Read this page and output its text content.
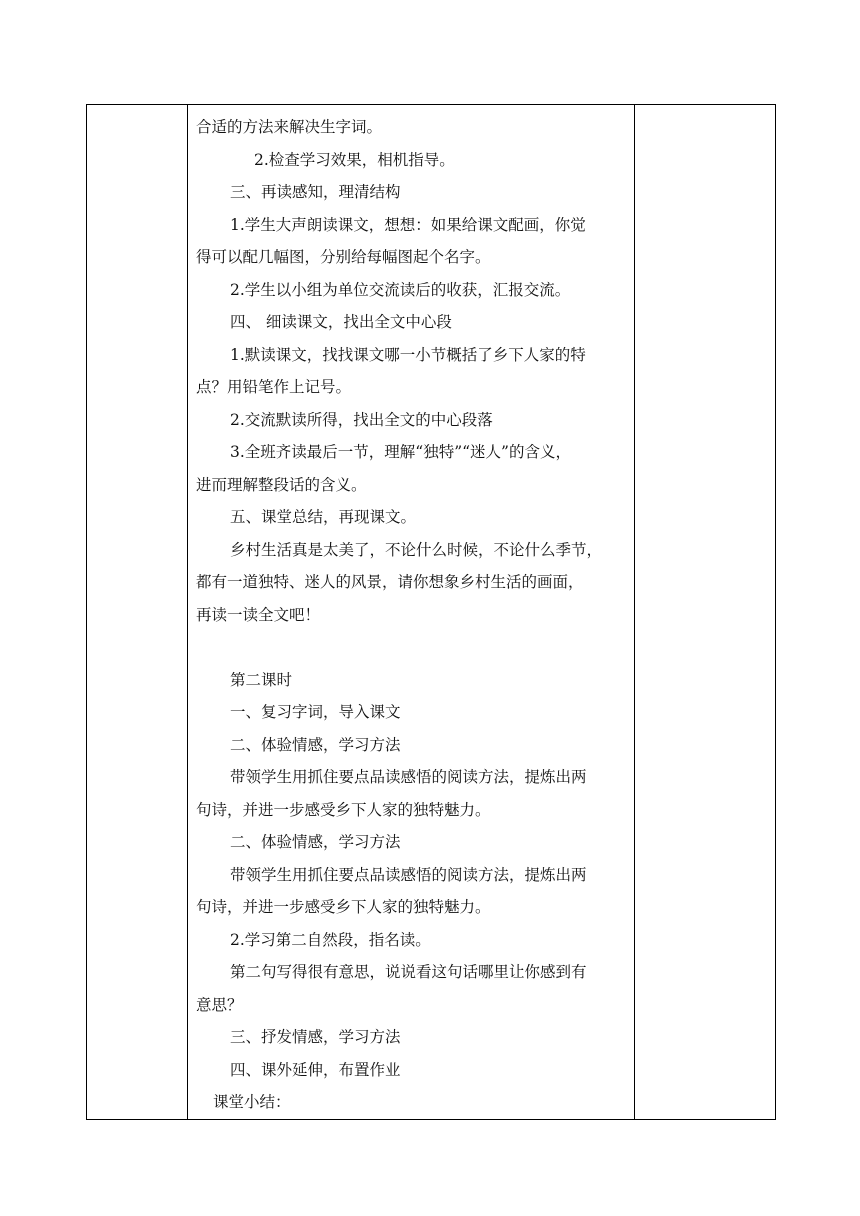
合适的方法来解决生字词。
2.检查学习效果，相机指导。
三、再读感知，理清结构
1.学生大声朗读课文，想想：如果给课文配画，你觉
得可以配几幅图，分别给每幅图起个名字。
2.学生以小组为单位交流读后的收获，汇报交流。
四、 细读课文，找出全文中心段
1.默读课文，找找课文哪一小节概括了乡下人家的特
点？用铅笔作上记号。
2.交流默读所得，找出全文的中心段落
3.全班齐读最后一节，理解“独特”“迷人”的含义，
进而理解整段话的含义。
五、课堂总结，再现课文。
乡村生活真是太美了，不论什么时候，不论什么季节，
都有一道独特、迷人的风景，请你想象乡村生活的画面，
再读一读全文吧！
第二课时
一、复习字词，导入课文
二、体验情感，学习方法
带领学生用抓住要点品读感悟的阅读方法，提炼出两
句诗，并进一步感受乡下人家的独特魅力。
二、体验情感，学习方法
带领学生用抓住要点品读感悟的阅读方法，提炼出两
句诗，并进一步感受乡下人家的独特魅力。
2.学习第二自然段，指名读。
第二句写得很有意思，说说看这句话哪里让你感到有
意思？
三、抒发情感，学习方法
四、课外延伸，布置作业
课堂小结：
